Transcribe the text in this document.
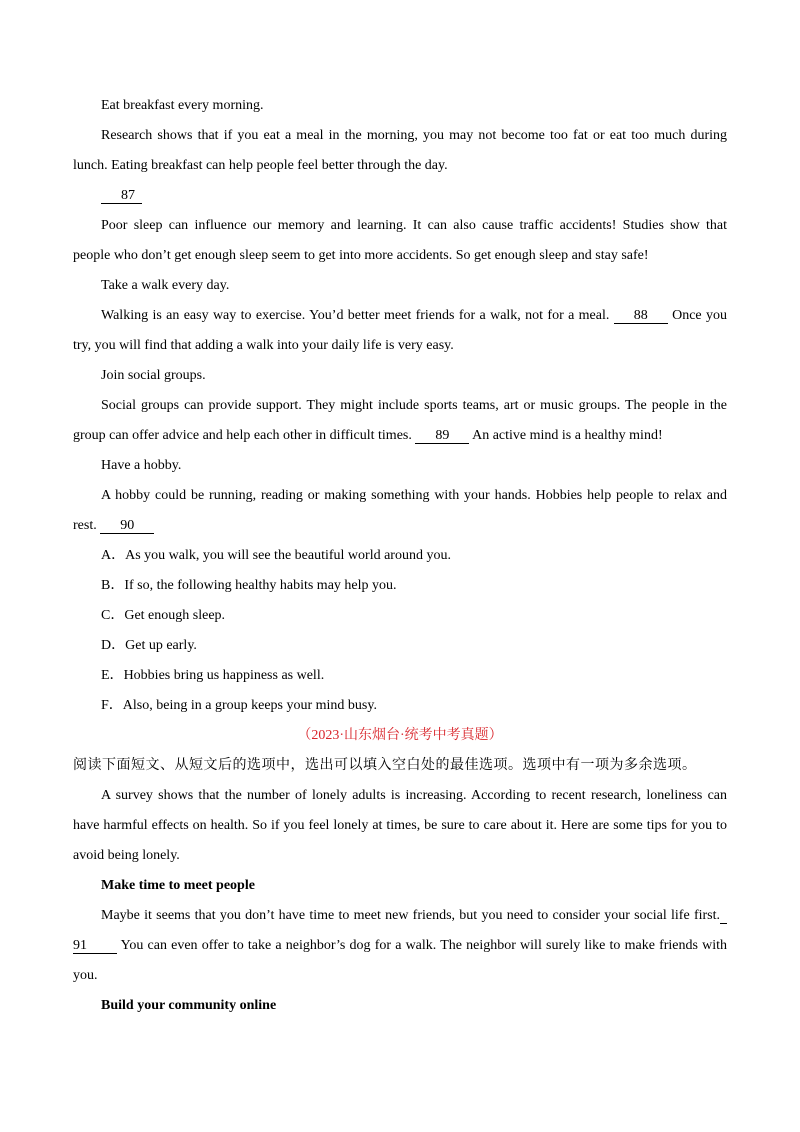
Eat breakfast every morning.
Research shows that if you eat a meal in the morning, you may not become too fat or eat too much during
lunch. Eating breakfast can help people feel better through the day.
87
Poor sleep can influence our memory and learning. It can also cause traffic accidents! Studies show that
people who don’t get enough sleep seem to get into more accidents. So get enough sleep and stay safe!
Take a walk every day.
Walking is an easy way to exercise. You’d better meet friends for a walk, not for a meal. 88 Once you
try, you will find that adding a walk into your daily life is very easy.
Join social groups.
Social groups can provide support. They might include sports teams, art or music groups. The people in the
group can offer advice and help each other in difficult times. 89 An active mind is a healthy mind!
Have a hobby.
A hobby could be running, reading or making something with your hands. Hobbies help people to relax and
rest. 90
A．As you walk, you will see the beautiful world around you.
B．If so, the following healthy habits may help you.
C．Get enough sleep.
D．Get up early.
E．Hobbies bring us happiness as well.
F．Also, being in a group keeps your mind busy.
（2023·山东烟台·统考中考真题）
阅读下面短文、从短文后的选项中，选出可以填入空白处的最佳选项。选项中有一项为多余选项。
A survey shows that the number of lonely adults is increasing. According to recent research, loneliness can
have harmful effects on health. So if you feel lonely at times, be sure to care about it. Here are some tips for you to
avoid being lonely.
Make time to meet people
Maybe it seems that you don’t have time to meet new friends, but you need to consider your social life first.
91 You can even offer to take a neighbor’s dog for a walk. The neighbor will surely like to make friends with
you.
Build your community online
